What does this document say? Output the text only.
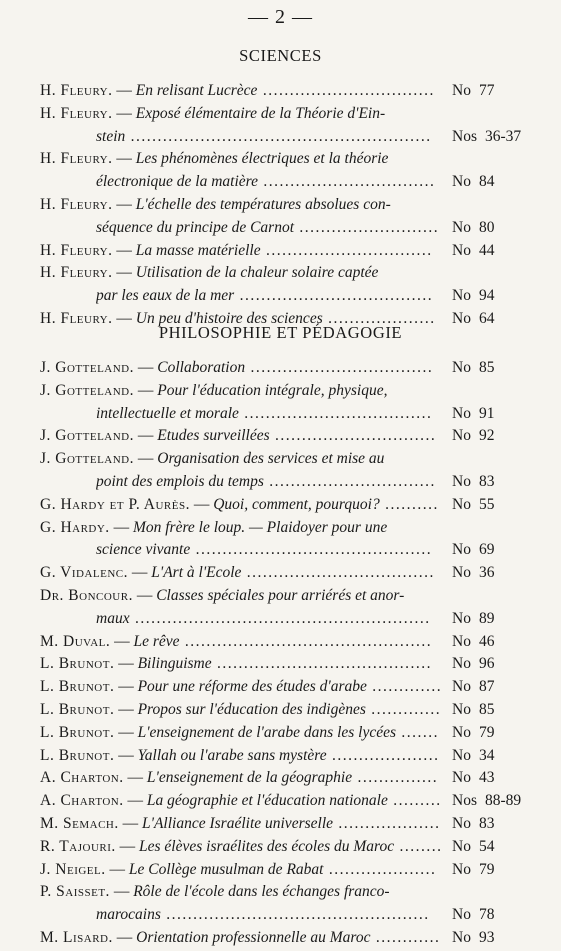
— 2 —
SCIENCES
H. Fleury. — En relisant Lucrèce ................................	No 77
H. Fleury. — Exposé élémentaire de la Théorie d'Ein-
stein ........................................................	Nos 36-37
H. Fleury. — Les phénomènes électriques et la théorie
électronique de la matière ................................	No 84
H. Fleury. — L'échelle des températures absolues con-
séquence du principe de Carnot .......................... No 80
H. Fleury. — La masse matérielle ...............................	No 44
H. Fleury. — Utilisation de la chaleur solaire captée
par les eaux de la mer ....................................	No 94
H. Fleury. — Un peu d'histoire des sciences ....................	No 64
PHILOSOPHIE ET PÉDAGOGIE
J. Gotteland. — Collaboration ..................................	No 85
J. Gotteland. — Pour l'éducation intégrale, physique,
intellectuelle et morale ...................................	No 91
J. Gotteland. — Etudes surveillées ..............................	No 92
J. Gotteland. — Organisation des services et mise au
point des emplois du temps ...............................	No 83
G. Hardy et P. Aurès. — Quoi, comment, pourquoi? .......... No 55
G. Hardy. — Mon frère le loup. — Plaidoyer pour une
science vivante ............................................	No 69
G. Vidalenc. — L'Art à l'Ecole ...................................	No 36
Dr. Boncour. — Classes spéciales pour arriérés et anor-
maux .......................................................	No 89
M. Duval. — Le rêve ..............................................	No 46
L. Brunot. — Bilinguisme ........................................	No 96
L. Brunot. — Pour une réforme des études d'arabe ............. No 87
L. Brunot. — Propos sur l'éducation des indigènes ............. No 85
L. Brunot. — L'enseignement de l'arabe dans les lycées ....... No 79
L. Brunot. — Yallah ou l'arabe sans mystère .................... No 34
A. Charton. — L'enseignement de la géographie ............... No 43
A. Charton. — La géographie et l'éducation nationale ......... Nos 88-89
M. Semach. — L'Alliance Israélite universelle ................... No 83
R. Tajouri. — Les élèves israélites des écoles du Maroc ........ No 54
J. Neigel. — Le Collège musulman de Rabat ....................	No 79
P. Saisset. — Rôle de l'école dans les échanges franco-
marocains .................................................	No 78
M. Lisard. — Orientation professionnelle au Maroc ............ No 93
